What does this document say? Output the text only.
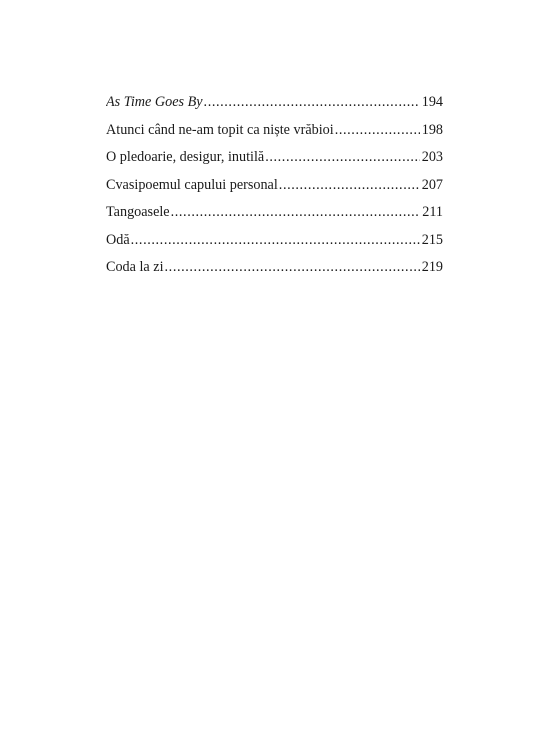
As Time Goes By .....	194
Atunci când ne-am topit ca niște vrăbioi .....	198
O pledoarie, desigur, inutilă .....	203
Cvasipoemul capului personal .....	207
Tangoasele .....	211
Odă .....	215
Coda la zi .....	219
